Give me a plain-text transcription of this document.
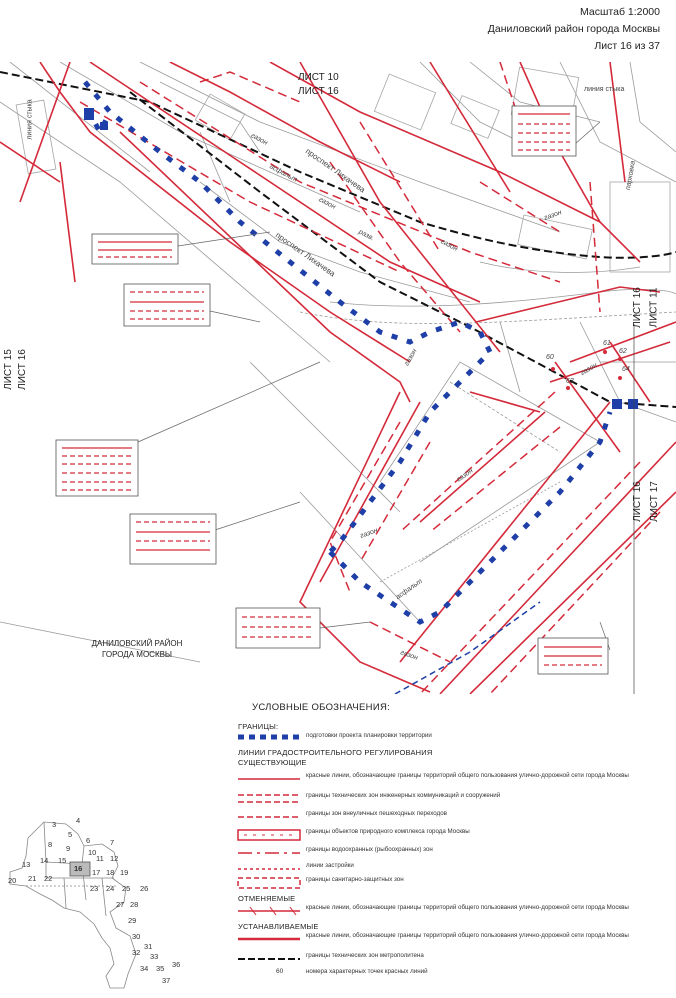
Масштаб 1:2000
Даниловский район города Москвы
Лист 16 из 37
ЛИСТ 10
ЛИСТ 16
ЛИСТ 15 ЛИСТ 16
ЛИСТ 16 ЛИСТ 11
ЛИСТ 16 ЛИСТ 17
линия стыка
линия стыка
проспект Лихачева
проспект Лихачева
ДАНИЛОВСКИЙ РАЙОН ГОРОДА МОСКВЫ
60
61
62
63
64
газон
асфальт	парковка
газон
газон
газон
асфальт
газон
газон
газон
разв.
газон
газон
УСЛОВНЫЕ ОБОЗНАЧЕНИЯ:
ГРАНИЦЫ:
подготовки проекта планировки территории
ЛИНИИ ГРАДОСТРОИТЕЛЬНОГО РЕГУЛИРОВАНИЯ
СУЩЕСТВУЮЩИЕ
красные линии, обозначающие границы территорий общего пользования улично-дорожной сети города Москвы
границы технических зон инженерных коммуникаций и сооружений
границы зон внеуличных пешеходных переходов
границы объектов природного комплекса города Москвы
границы водоохранных (рыбоохранных) зон
линии застройки
границы санитарно-защитных зон
ОТМЕНЯЕМЫЕ
красные линии, обозначающие границы территорий общего пользования улично-дорожной сети города Москвы
УСТАНАВЛИВАЕМЫЕ
красные линии, обозначающие границы территорий общего пользования улично-дорожной сети города Москвы
границы технических зон метрополитена
60	номера характерных точек красных линий
4
3
5
6	7
8 9 10
11 12
13 14 15
16 17 18 19
20 21 22
23 24 25 26
27 28
29
30
31
32 33
34 35 36
37
